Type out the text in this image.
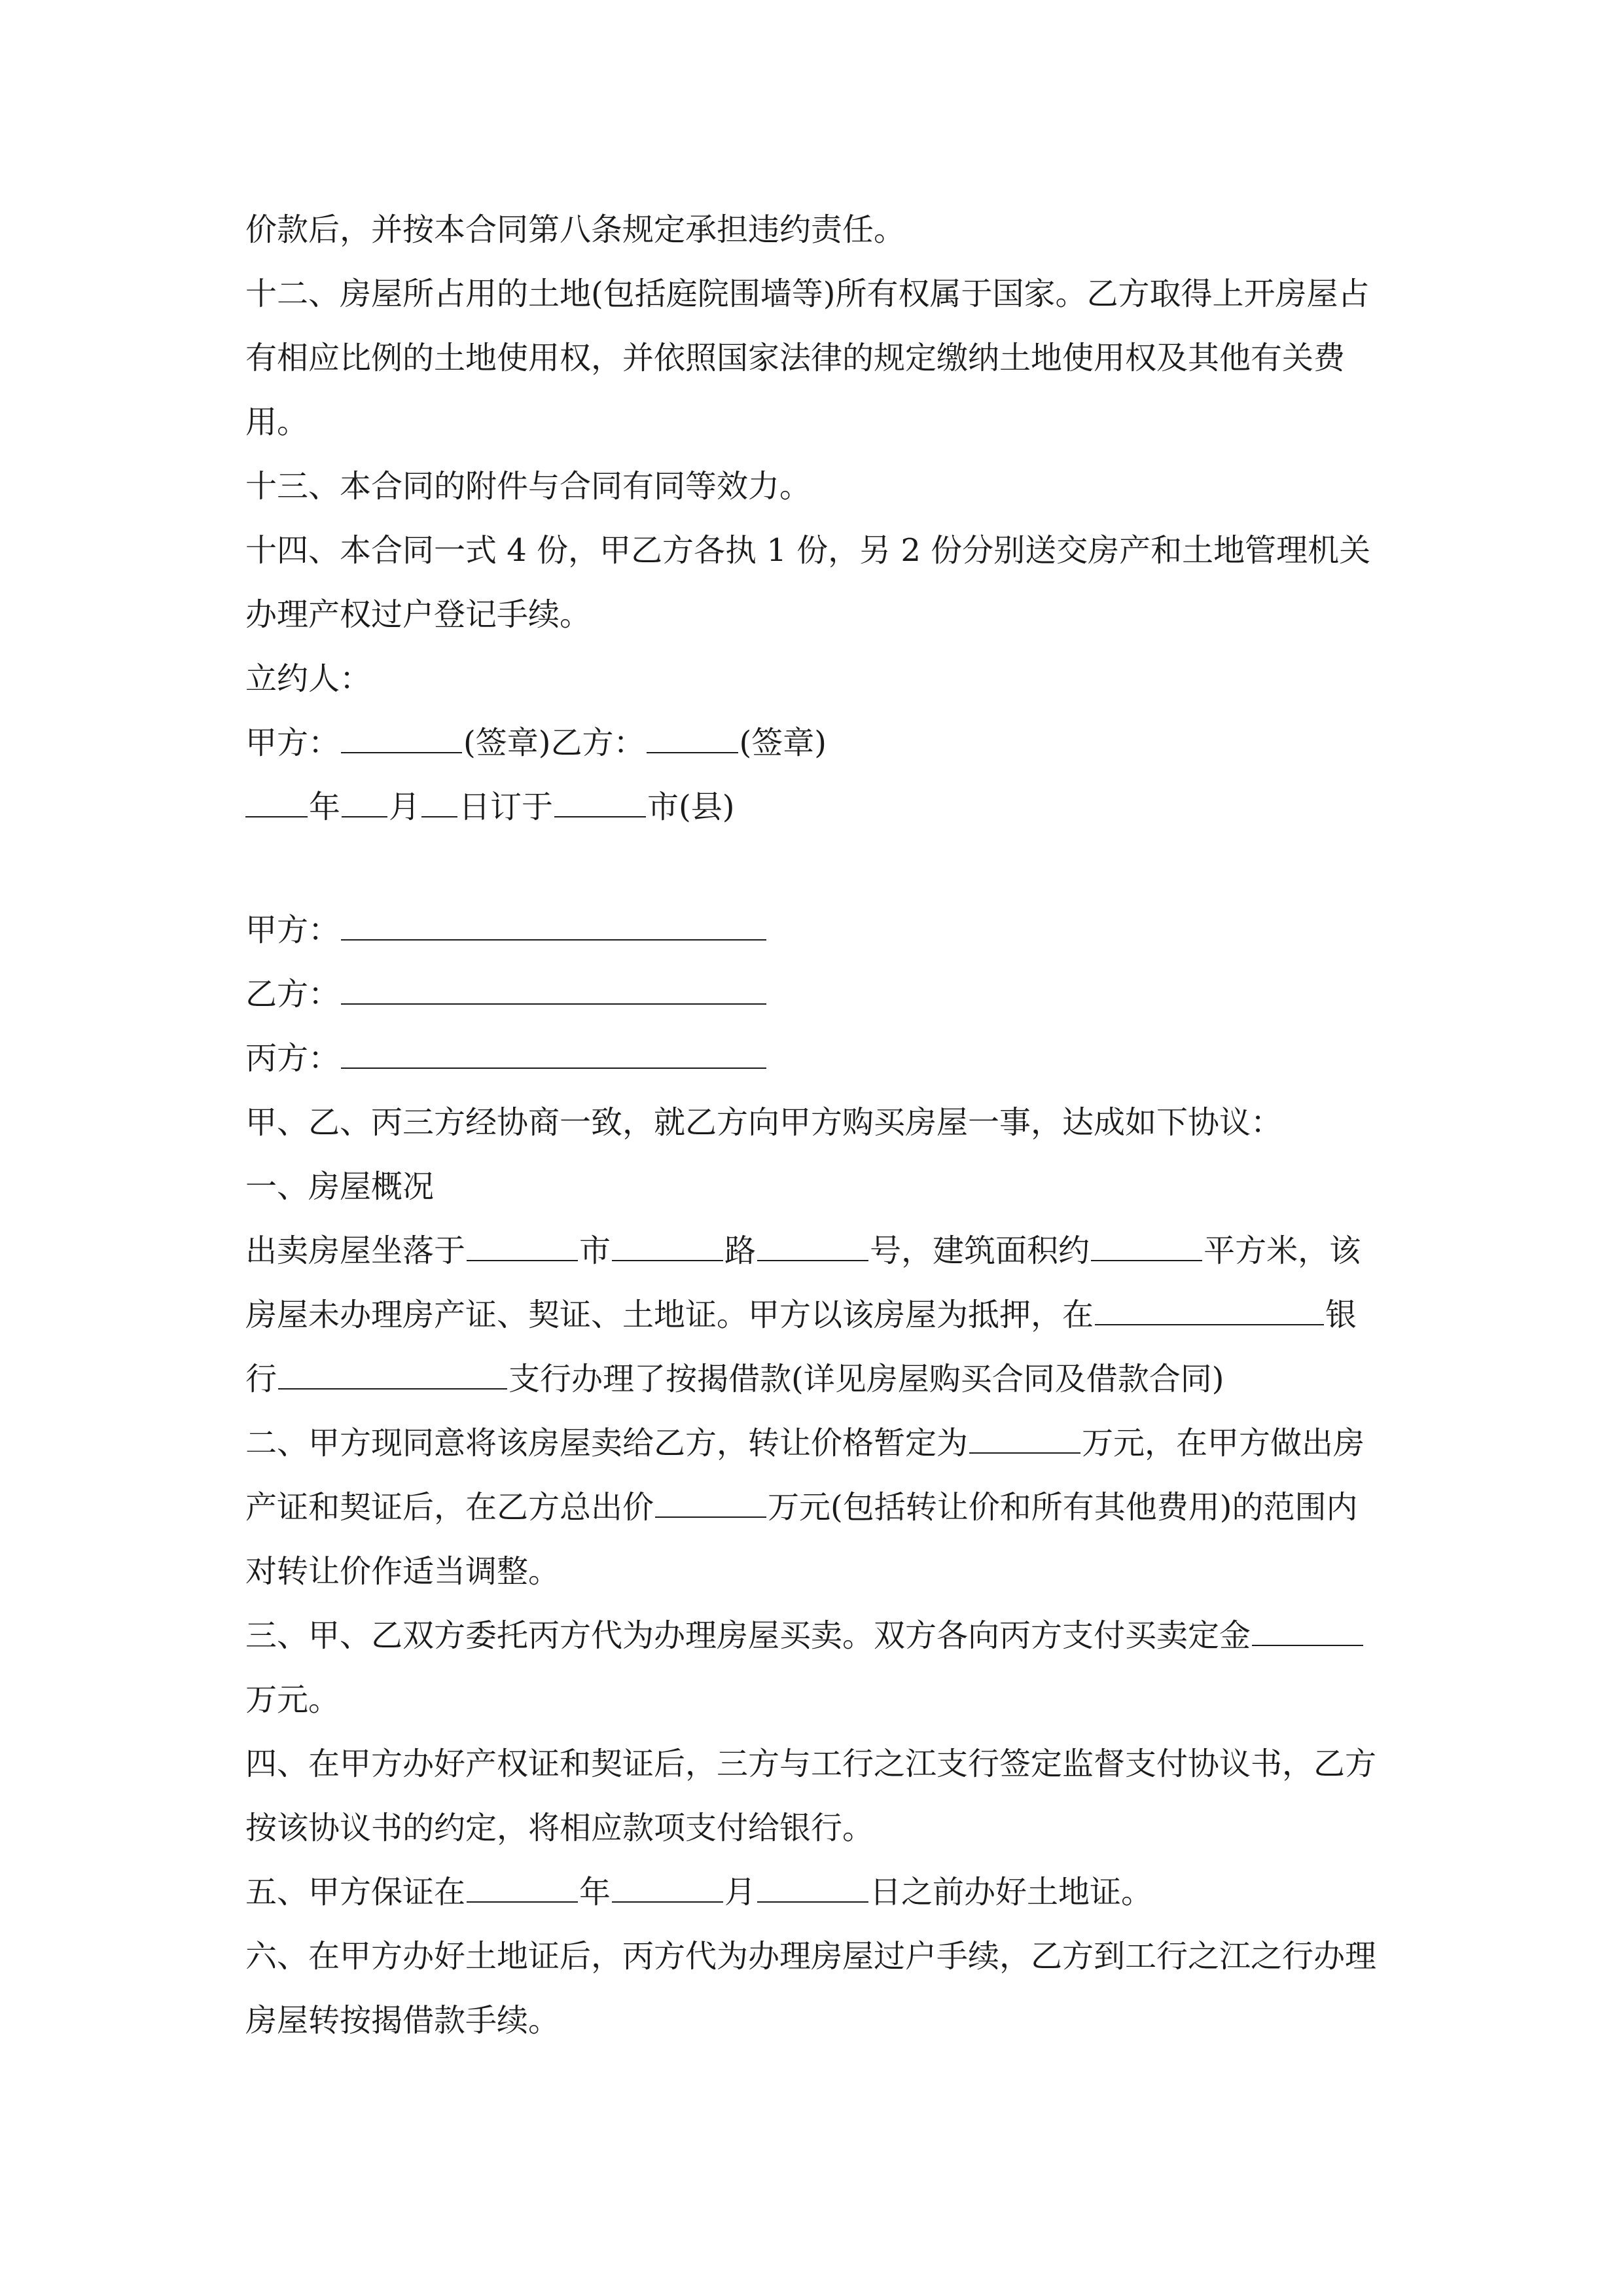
价款后，并按本合同第八条规定承担违约责任。

十二、房屋所占用的土地(包括庭院围墙等)所有权属于国家。乙方取得上开房屋占有相应比例的土地使用权，并依照国家法律的规定缴纳土地使用权及其他有关费用。

十三、本合同的附件与合同有同等效力。

十四、本合同一式 4 份，甲乙方各执 1 份，另 2 份分别送交房产和土地管理机关办理产权过户登记手续。

立约人：

甲方：	(签章)乙方：	(签章)

年 月 日订于	市(县)

甲方：

乙方：

丙方：

甲、乙、丙三方经协商一致，就乙方向甲方购买房屋一事，达成如下协议：

一、房屋概况

出卖房屋坐落于	市	路	号，建筑面积约	平方米，该房屋未办理房产证、契证、土地证。甲方以该房屋为抵押，在	银行	支行办理了按揭借款(详见房屋购买合同及借款合同)

二、甲方现同意将该房屋卖给乙方，转让价格暂定为	万元，在甲方做出房产证和契证后，在乙方总出价	万元(包括转让价和所有其他费用)的范围内对转让价作适当调整。

三、甲、乙双方委托丙方代为办理房屋买卖。双方各向丙方支付买卖定金万元。

四、在甲方办好产权证和契证后，三方与工行之江支行签定监督支付协议书，乙方按该协议书的约定，将相应款项支付给银行。

五、甲方保证在	年	月	日之前办好土地证。

六、在甲方办好土地证后，丙方代为办理房屋过户手续，乙方到工行之江之行办理房屋转按揭借款手续。
